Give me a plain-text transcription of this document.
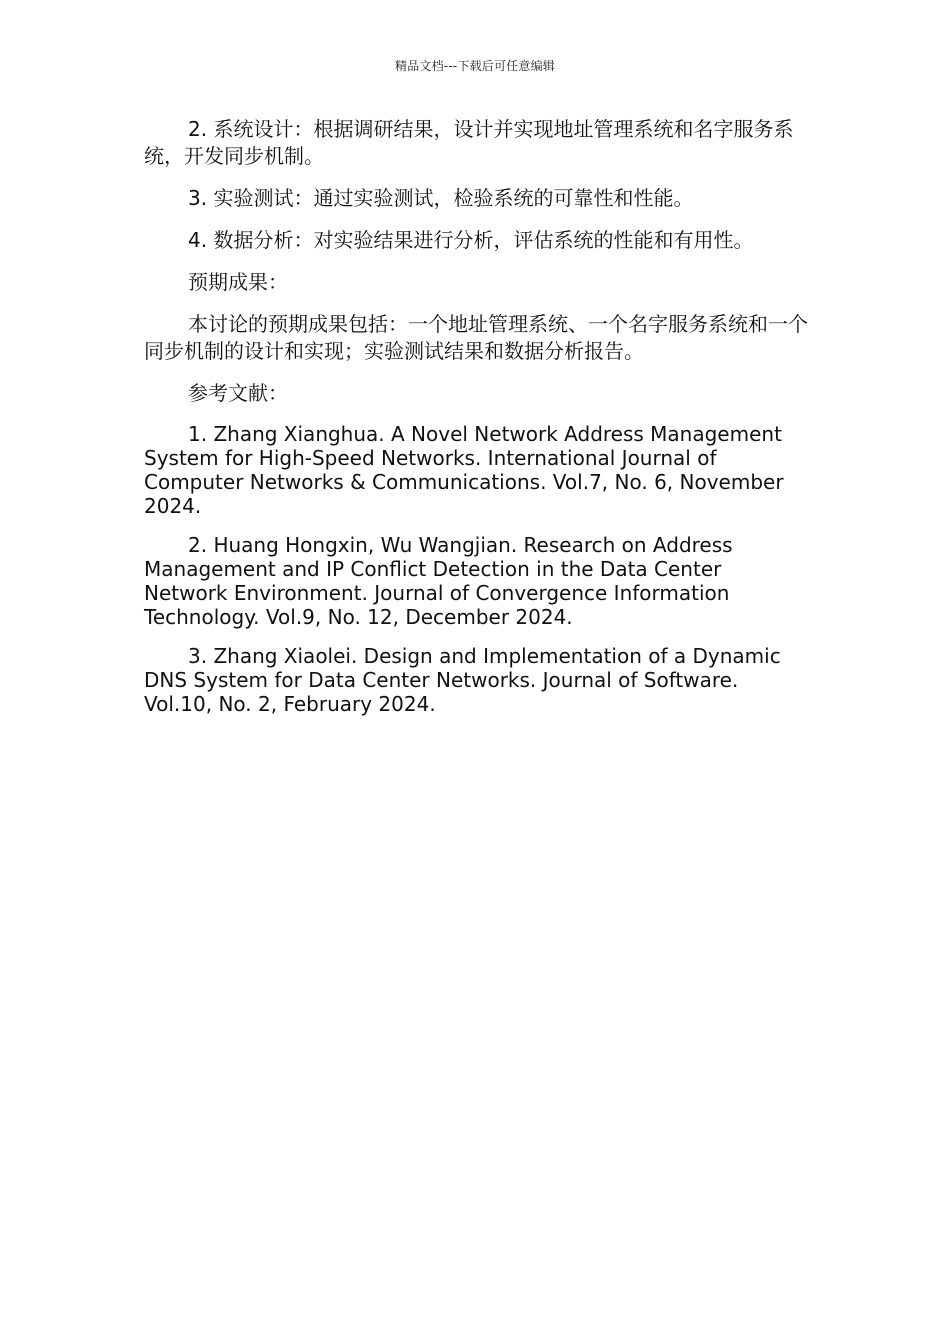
精品文档---下载后可任意编辑

2. 系统设计：根据调研结果，设计并实现地址管理系统和名字服务系统，开发同步机制。

3. 实验测试：通过实验测试，检验系统的可靠性和性能。

4. 数据分析：对实验结果进行分析，评估系统的性能和有用性。

预期成果：

本讨论的预期成果包括：一个地址管理系统、一个名字服务系统和一个同步机制的设计和实现；实验测试结果和数据分析报告。

参考文献：

1. Zhang Xianghua. A Novel Network Address Management System for High-Speed Networks. International Journal of Computer Networks & Communications. Vol.7, No. 6, November 2024.

2. Huang Hongxin, Wu Wangjian. Research on Address Management and IP Conflict Detection in the Data Center Network Environment. Journal of Convergence Information Technology. Vol.9, No. 12, December 2024.

3. Zhang Xiaolei. Design and Implementation of a Dynamic DNS System for Data Center Networks. Journal of Software. Vol.10, No. 2, February 2024.
